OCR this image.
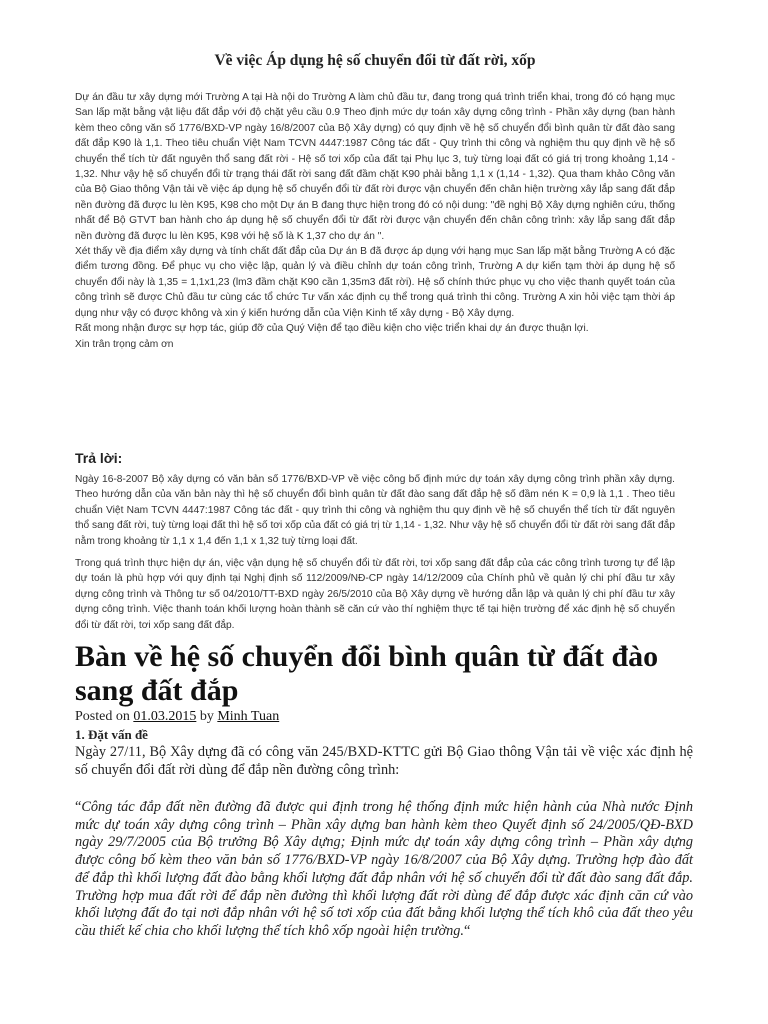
Về việc Áp dụng hệ số chuyển đổi từ đất rời, xốp

Dự án đầu tư xây dựng mới Trường A tại Hà nội do Trường A làm chủ đầu tư, đang trong quá trình triển khai, trong đó có hạng mục San lấp mặt bằng vật liệu đất đắp với độ chặt yêu cầu 0.9 Theo định mức dự toán xây dựng công trình - Phần xây dựng (ban hành kèm theo công văn số 1776/BXD-VP ngày 16/8/2007 của Bộ Xây dựng) có quy định về hệ số chuyển đổi bình quân từ đất đào sang đất đắp K90 là 1,1. Theo tiêu chuẩn Việt Nam TCVN 4447:1987 Công tác đất - Quy trình thi công và nghiệm thu quy định về hệ số chuyển thể tích từ đất nguyên thổ sang đất rời - Hệ số tơi xốp của đất tại Phụ lục 3, tuỳ từng loại đất có giá trị trong khoảng 1,14 - 1,32. Như vậy hệ số chuyển đổi từ trạng thái đất rời sang đất đầm chặt K90 phải bằng 1,1 x (1,14 - 1,32). Qua tham khảo Công văn của Bộ Giao thông Vận tải về việc áp dụng hệ số chuyển đổi từ đất rời được vận chuyển đến chân hiện trường xây lắp sang đất đắp nền đường đã được lu lèn K95, K98 cho một Dự án B đang thực hiện trong đó có nội dung: "đề nghị Bộ Xây dựng nghiên cứu, thống nhất để Bộ GTVT ban hành cho áp dụng hệ số chuyển đổi từ đất rời được vận chuyển đến chân công trình: xây lắp sang đất đắp nền đường đã được lu lèn K95, K98 với hệ số là K 1,37 cho dự án ".

Xét thấy về địa điểm xây dựng và tính chất đất đắp của Dự án B đã được áp dụng với hạng mục San lấp mặt bằng Trường A có đặc điểm tương đồng. Để phục vụ cho việc lập, quản lý và điều chỉnh dự toán công trình, Trường A dự kiến tạm thời áp dụng hệ số chuyển đổi này là 1,35 = 1,1x1,23 (lm3 đầm chặt K90 cần 1,35m3 đất rời). Hệ số chính thức phục vụ cho việc thanh quyết toán của công trình sẽ được Chủ đầu tư cùng các tổ chức Tư vấn xác định cụ thể trong quá trình thi công. Trường A xin hỏi việc tạm thời áp dụng như vậy có được không và xin ý kiến hướng dẫn của Viện Kinh tế xây dựng - Bộ Xây dựng.

Rất mong nhận được sự hợp tác, giúp đỡ của Quý Viện để tạo điều kiện cho việc triển khai dự án được thuận lợi.

Xin trân trọng cảm ơn

Trả lời:

Ngày 16-8-2007 Bộ xây dựng có văn bản số 1776/BXD-VP về việc công bố định mức dự toán xây dựng công trình phần xây dựng. Theo hướng dẫn của văn bản này thì hệ số chuyển đổi bình quân từ đất đào sang đất đắp hệ số đầm nén K = 0,9 là 1,1 . Theo tiêu chuẩn Việt Nam TCVN 4447:1987 Công tác đất - quy trình thi công và nghiệm thu quy định về hệ số chuyển thể tích từ đất nguyên thổ sang đất rời, tuỳ từng loại đất thì hệ số tơi xốp của đất có giá trị từ 1,14 - 1,32. Như vậy hệ số chuyển đổi từ đất rời sang đất đắp nằm trong khoảng từ 1,1 x 1,4 đến 1,1 x 1,32 tuỳ từng loại đất.

Trong quá trình thực hiện dự án, việc vận dụng hệ số chuyển đổi từ đất rời, tơi xốp sang đất đắp của các công trình tương tự để lập dự toán là phù hợp với quy định tại Nghị định số 112/2009/NĐ-CP ngày 14/12/2009 của Chính phủ về quản lý chi phí đầu tư xây dựng công trình và Thông tư số 04/2010/TT-BXD ngày 26/5/2010 của Bộ Xây dựng về hướng dẫn lập và quản lý chi phí đầu tư xây dựng công trình. Việc thanh toán khối lượng hoàn thành sẽ căn cứ vào thí nghiệm thực tế tại hiện trường để xác định hệ số chuyển đổi từ đất rời, tơi xốp sang đất đắp.

Bàn về hệ số chuyển đổi bình quân từ đất đào sang đất đắp

Posted on 01.03.2015 by Minh Tuan

1. Đặt vấn đề

Ngày 27/11, Bộ Xây dựng đã có công văn 245/BXD-KTTC gửi Bộ Giao thông Vận tải về việc xác định hệ số chuyển đổi đất rời dùng để đắp nền đường công trình:

“Công tác đắp đất nền đường đã được qui định trong hệ thống định mức hiện hành của Nhà nước Định mức dự toán xây dựng công trình – Phần xây dựng ban hành kèm theo Quyết định số 24/2005/QĐ-BXD ngày 29/7/2005 của Bộ trưởng Bộ Xây dựng; Định mức dự toán xây dựng công trình – Phần xây dựng được công bố kèm theo văn bản số 1776/BXD-VP ngày 16/8/2007 của Bộ Xây dựng. Trường hợp đào đất để đắp thì khối lượng đất đào bằng khối lượng đất đắp nhân với hệ số chuyển đổi từ đất đào sang đất đắp. Trường hợp mua đất rời để đắp nền đường thì khối lượng đất rời dùng để đắp được xác định căn cứ vào khối lượng đất đo tại nơi đắp nhân với hệ số tơi xốp của đất bằng khối lượng thể tích khô của đất theo yêu cầu thiết kế chia cho khối lượng thể tích khô xốp ngoài hiện trường.“
